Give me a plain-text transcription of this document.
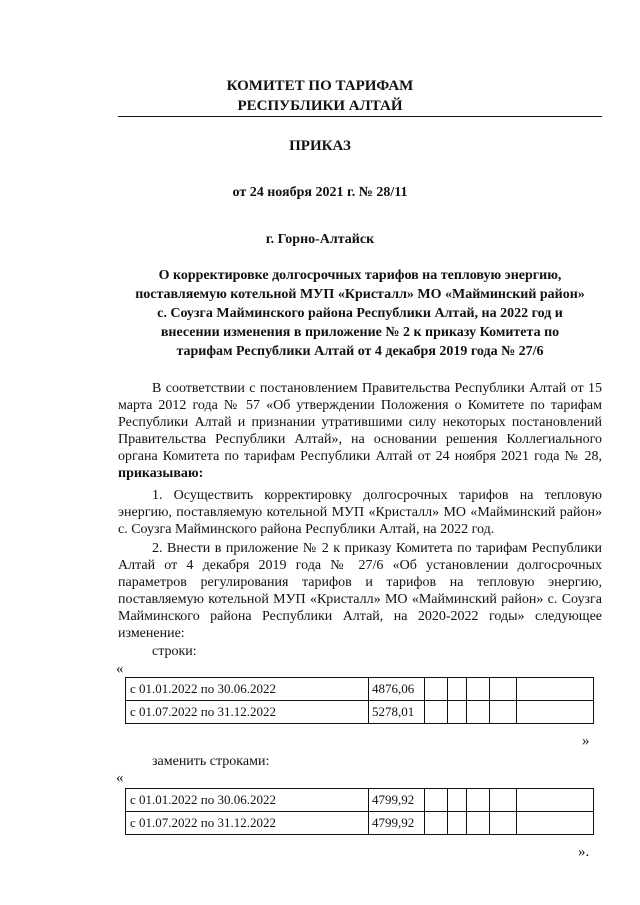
КОМИТЕТ ПО ТАРИФАМ
РЕСПУБЛИКИ АЛТАЙ
ПРИКАЗ
от 24 ноября 2021 г. № 28/11
г. Горно-Алтайск
О корректировке долгосрочных тарифов на тепловую энергию,
поставляемую котельной МУП «Кристалл» МО «Майминский район»
с. Соузга Майминского района Республики Алтай, на 2022 год и
внесении изменения в приложение № 2 к приказу Комитета по
тарифам Республики Алтай от 4 декабря 2019 года № 27/6
В соответствии с постановлением Правительства Республики Алтай от 15 марта 2012 года № 57 «Об утверждении Положения о Комитете по тарифам Республики Алтай и признании утратившими силу некоторых постановлений Правительства Республики Алтай», на основании решения Коллегиального органа Комитета по тарифам Республики Алтай от 24 ноября 2021 года № 28, приказываю:
1. Осуществить корректировку долгосрочных тарифов на тепловую энергию, поставляемую котельной МУП «Кристалл» МО «Майминский район» с. Соузга Майминского района Республики Алтай, на 2022 год.
2. Внести в приложение № 2 к приказу Комитета по тарифам Республики Алтай от 4 декабря 2019 года № 27/6 «Об установлении долгосрочных параметров регулирования тарифов и тарифов на тепловую энергию, поставляемую котельной МУП «Кристалл» МО «Майминский район» с. Соузга Майминского района Республики Алтай, на 2020-2022 годы» следующее изменение:
строки:
«
с 01.01.2022 по 30.06.2022	4876,06					
с 01.07.2022 по 31.12.2022	5278,01					
»
заменить строками:
«
с 01.01.2022 по 30.06.2022	4799,92					
с 01.07.2022 по 31.12.2022	4799,92					
».
